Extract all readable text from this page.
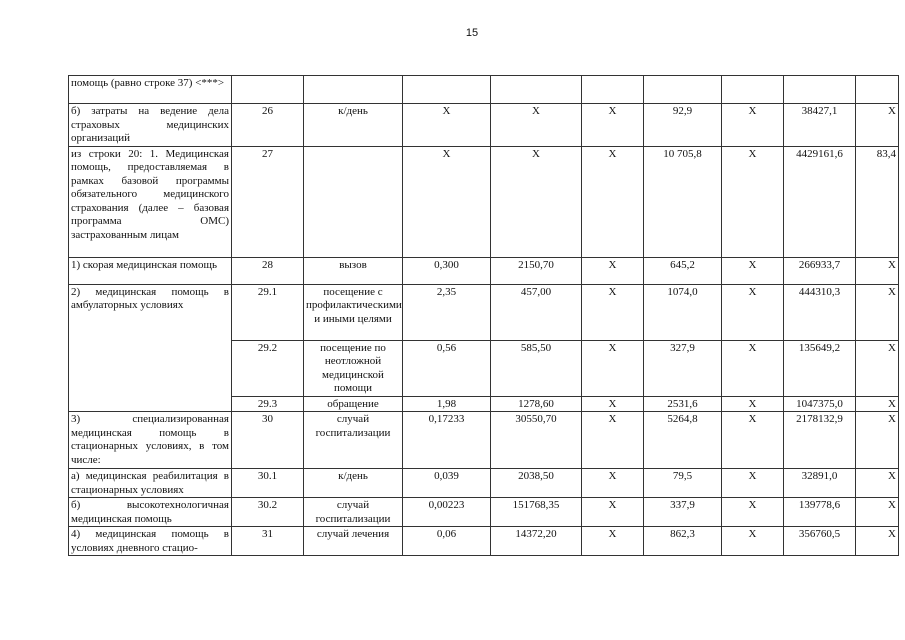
15
помощь (равно строке 37) <***>									
б) затраты на ведение дела страховых медицинских организаций	26	к/день	X	X	X	92,9	X	38427,1	X
из строки 20: 1. Медицинская помощь, предоставляемая в рамках базовой программы обязательного медицинского страхования (далее – базовая программа ОМС) застрахованным лицам	27		X	X	X	10 705,8	X	4429161,6	83,4
1) скорая медицинская помощь	28	вызов	0,300	2150,70	X	645,2	X	266933,7	X
2) медицинская помощь в амбулаторных условиях	29.1	посещение с профилактическими и иными целями	2,35	457,00	X	1074,0	X	444310,3	X
	29.2	посещение по неотложной медицинской помощи	0,56	585,50	X	327,9	X	135649,2	X
	29.3	обращение	1,98	1278,60	X	2531,6	X	1047375,0	X
3) специализированная медицинская помощь в стационарных условиях, в том числе:	30	случай госпитализации	0,17233	30550,70	X	5264,8	X	2178132,9	X
а) медицинская реабилитация в стационарных условиях	30.1	к/день	0,039	2038,50	X	79,5	X	32891,0	X
б) высокотехнологичная медицинская помощь	30.2	случай госпитализации	0,00223	151768,35	X	337,9	X	139778,6	X
4) медицинская помощь в условиях дневного стацио-	31	случай лечения	0,06	14372,20	X	862,3	X	356760,5	X
